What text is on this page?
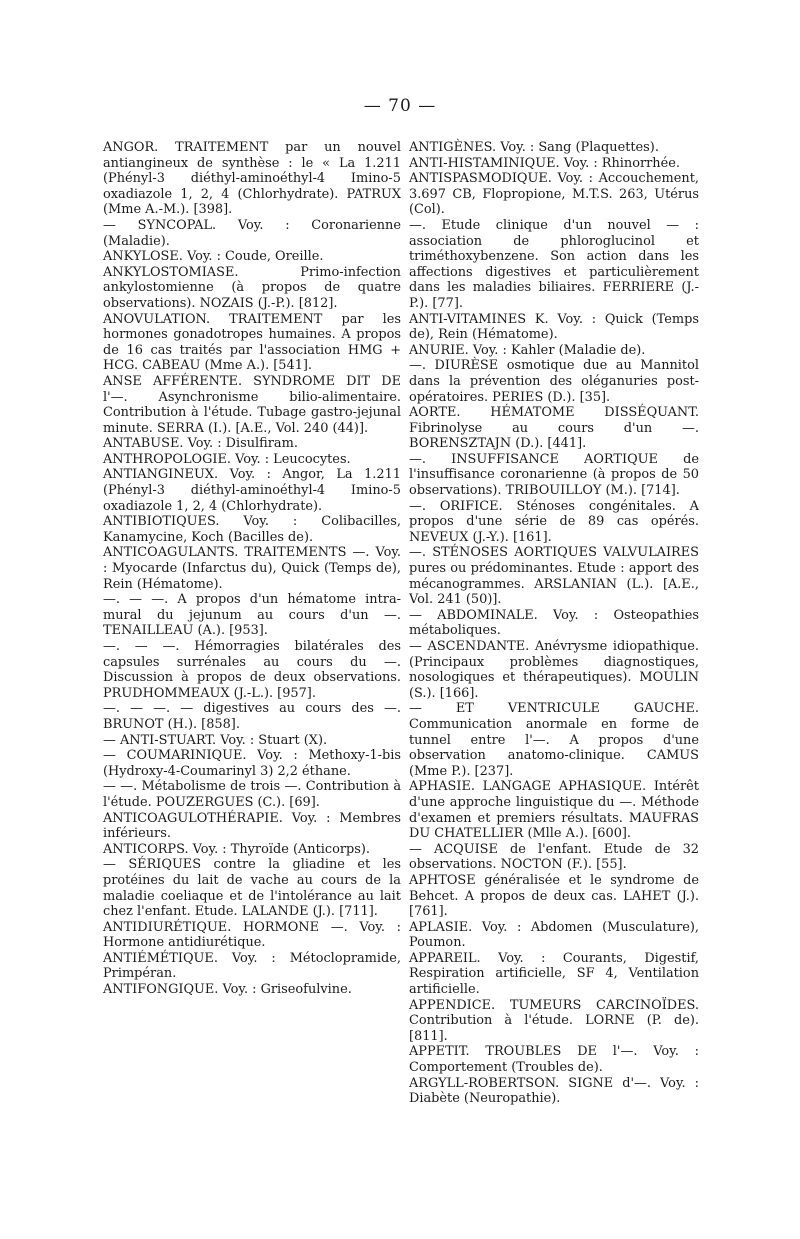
— 70 —

ANGOR. TRAITEMENT par un nouvel antiangineux de synthèse : le « La 1.211 (Phényl-3 diéthyl-aminoéthyl-4 Imino-5 oxadiazole 1, 2, 4 (Chlorhydrate). PATRUX (Mme A.-M.). [398].

— SYNCOPAL. Voy. : Coronarienne (Maladie).

ANKYLOSE. Voy. : Coude, Oreille.

ANKYLOSTOMIASE. Primo-infection ankylostomienne (à propos de quatre observations). NOZAIS (J.-P.). [812].

ANOVULATION. TRAITEMENT par les hormones gonadotropes humaines. A propos de 16 cas traités par l'association HMG + HCG. CABEAU (Mme A.). [541].

ANSE AFFÉRENTE. SYNDROME DIT DE l'—. Asynchronisme bilio-alimentaire. Contribution à l'étude. Tubage gastro-jejunal minute. SERRA (I.). [A.E., Vol. 240 (44)].

ANTABUSE. Voy. : Disulfiram.

ANTHROPOLOGIE. Voy. : Leucocytes.

ANTIANGINEUX. Voy. : Angor, La 1.211 (Phényl-3 diéthyl-aminoéthyl-4 Imino-5 oxadiazole 1, 2, 4 (Chlorhydrate).

ANTIBIOTIQUES. Voy. : Colibacilles, Kanamycine, Koch (Bacilles de).

ANTICOAGULANTS. TRAITEMENTS —. Voy. : Myocarde (Infarctus du), Quick (Temps de), Rein (Hématome).

—. — —. A propos d'un hématome intra-mural du jejunum au cours d'un —. TENAILLEAU (A.). [953].

—. — —. Hémorragies bilatérales des capsules surrénales au cours du —. Discussion à propos de deux observations. PRUDHOMMEAUX (J.-L.). [957].

—. — —. — digestives au cours des —. BRUNOT (H.). [858].

— ANTI-STUART. Voy. : Stuart (X).

— COUMARINIQUE. Voy. : Methoxy-1-bis (Hydroxy-4-Coumarinyl 3) 2,2 éthane.

— —. Métabolisme de trois —. Contribution à l'étude. POUZERGUES (C.). [69].

ANTICOAGULOTHÉRAPIE. Voy. : Membres inférieurs.

ANTICORPS. Voy. : Thyroïde (Anticorps).

— SÉRIQUES contre la gliadine et les protéines du lait de vache au cours de la maladie coeliaque et de l'intolérance au lait chez l'enfant. Etude. LALANDE (J.). [711].

ANTIDIURÉTIQUE. HORMONE —. Voy. : Hormone antidiurétique.

ANTIÉMÉTIQUE. Voy. : Métoclopramide, Primpéran.

ANTIFONGIQUE. Voy. : Griseofulvine.

ANTIGÈNES. Voy. : Sang (Plaquettes).

ANTI-HISTAMINIQUE. Voy. : Rhinorrhée.

ANTISPASMODIQUE. Voy. : Accouchement, 3.697 CB, Flopropione, M.T.S. 263, Utérus (Col).

—. Etude clinique d'un nouvel — : association de phloroglucinol et triméthoxybenzene. Son action dans les affections digestives et particulièrement dans les maladies biliaires. FERRIERE (J.-P.). [77].

ANTI-VITAMINES K. Voy. : Quick (Temps de), Rein (Hématome).

ANURIE. Voy. : Kahler (Maladie de).

—. DIURÈSE osmotique due au Mannitol dans la prévention des oléganuries post-opératoires. PERIES (D.). [35].

AORTE. HÉMATOME DISSÉQUANT. Fibrinolyse au cours d'un —. BORENSZTAJN (D.). [441].

—. INSUFFISANCE AORTIQUE de l'insuffisance coronarienne (à propos de 50 observations). TRIBOUILLOY (M.). [714].

—. ORIFICE. Sténoses congénitales. A propos d'une série de 89 cas opérés. NEVEUX (J.-Y.). [161].

—. STÉNOSES AORTIQUES VALVULAIRES pures ou prédominantes. Etude : apport des mécanogrammes. ARSLANIAN (L.). [A.E., Vol. 241 (50)].

— ABDOMINALE. Voy. : Osteopathies métaboliques.

— ASCENDANTE. Anévrysme idiopathique. (Principaux problèmes diagnostiques, nosologiques et thérapeutiques). MOULIN (S.). [166].

— ET VENTRICULE GAUCHE. Communication anormale en forme de tunnel entre l'—. A propos d'une observation anatomo-clinique. CAMUS (Mme P.). [237].

APHASIE. LANGAGE APHASIQUE. Intérêt d'une approche linguistique du —. Méthode d'examen et premiers résultats. MAUFRAS DU CHATELLIER (Mlle A.). [600].

— ACQUISE de l'enfant. Etude de 32 observations. NOCTON (F.). [55].

APHTOSE généralisée et le syndrome de Behcet. A propos de deux cas. LAHET (J.). [761].

APLASIE. Voy. : Abdomen (Musculature), Poumon.

APPAREIL. Voy. : Courants, Digestif, Respiration artificielle, SF 4, Ventilation artificielle.

APPENDICE. TUMEURS CARCINOÏDES. Contribution à l'étude. LORNE (P. de). [811].

APPETIT. TROUBLES DE l'—. Voy. : Comportement (Troubles de).

ARGYLL-ROBERTSON. SIGNE d'—. Voy. : Diabète (Neuropathie).
